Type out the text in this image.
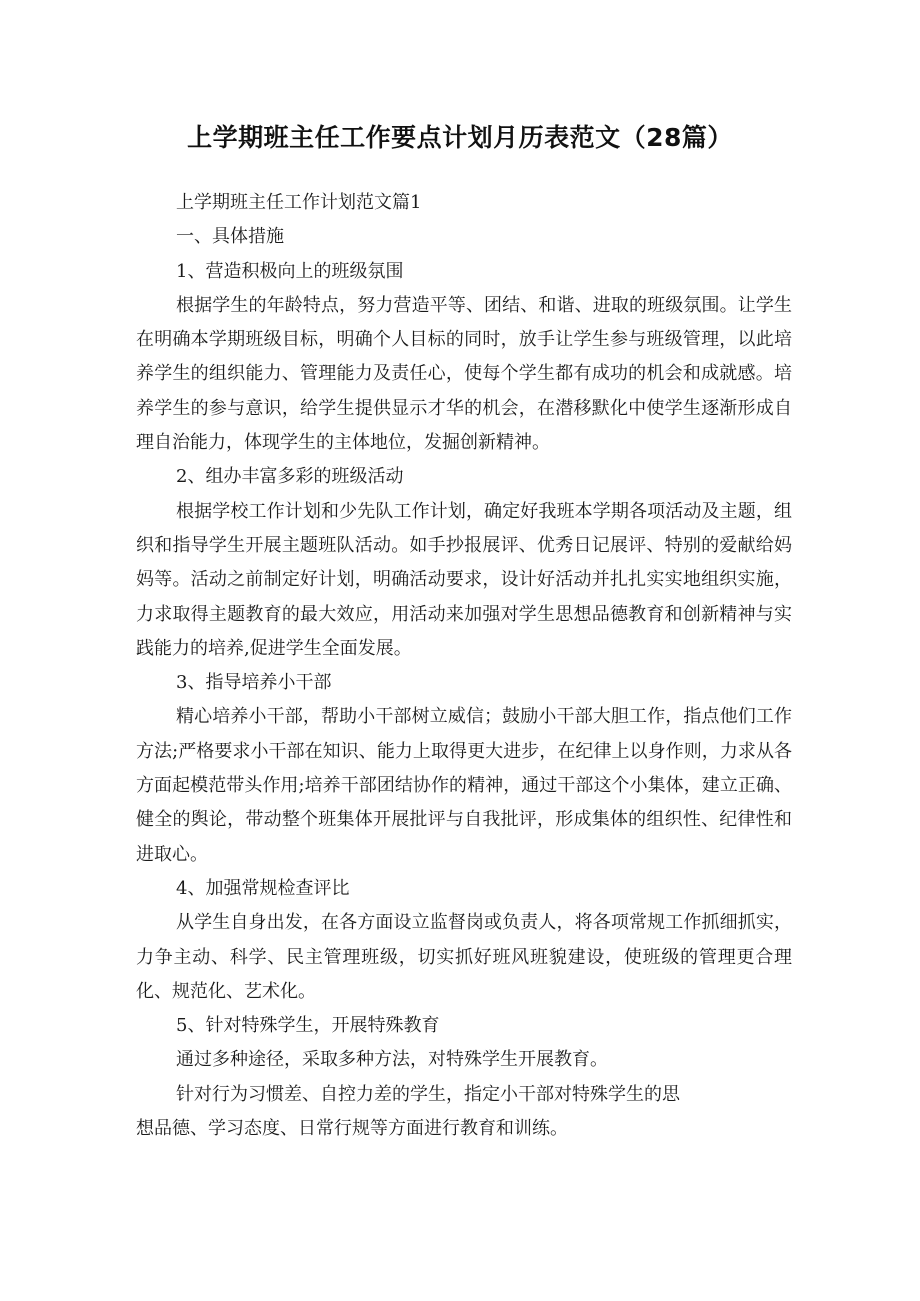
上学期班主任工作要点计划月历表范文（28篇）

上学期班主任工作计划范文篇1

一、具体措施

1、营造积极向上的班级氛围

根据学生的年龄特点，努力营造平等、团结、和谐、进取的班级氛围。让学生在明确本学期班级目标，明确个人目标的同时，放手让学生参与班级管理，以此培养学生的组织能力、管理能力及责任心，使每个学生都有成功的机会和成就感。培养学生的参与意识，给学生提供显示才华的机会，在潜移默化中使学生逐渐形成自理自治能力，体现学生的主体地位，发掘创新精神。

2、组办丰富多彩的班级活动

根据学校工作计划和少先队工作计划，确定好我班本学期各项活动及主题，组织和指导学生开展主题班队活动。如手抄报展评、优秀日记展评、特别的爱献给妈妈等。活动之前制定好计划，明确活动要求，设计好活动并扎扎实实地组织实施，力求取得主题教育的最大效应，用活动来加强对学生思想品德教育和创新精神与实践能力的培养,促进学生全面发展。

3、指导培养小干部

精心培养小干部，帮助小干部树立威信；鼓励小干部大胆工作，指点他们工作方法;严格要求小干部在知识、能力上取得更大进步，在纪律上以身作则，力求从各方面起模范带头作用;培养干部团结协作的精神，通过干部这个小集体，建立正确、健全的舆论，带动整个班集体开展批评与自我批评，形成集体的组织性、纪律性和进取心。

4、加强常规检查评比

从学生自身出发，在各方面设立监督岗或负责人，将各项常规工作抓细抓实，力争主动、科学、民主管理班级，切实抓好班风班貌建设，使班级的管理更合理化、规范化、艺术化。

5、针对特殊学生，开展特殊教育

通过多种途径，采取多种方法，对特殊学生开展教育。

针对行为习惯差、自控力差的学生，指定小干部对特殊学生的思

想品德、学习态度、日常行规等方面进行教育和训练。
